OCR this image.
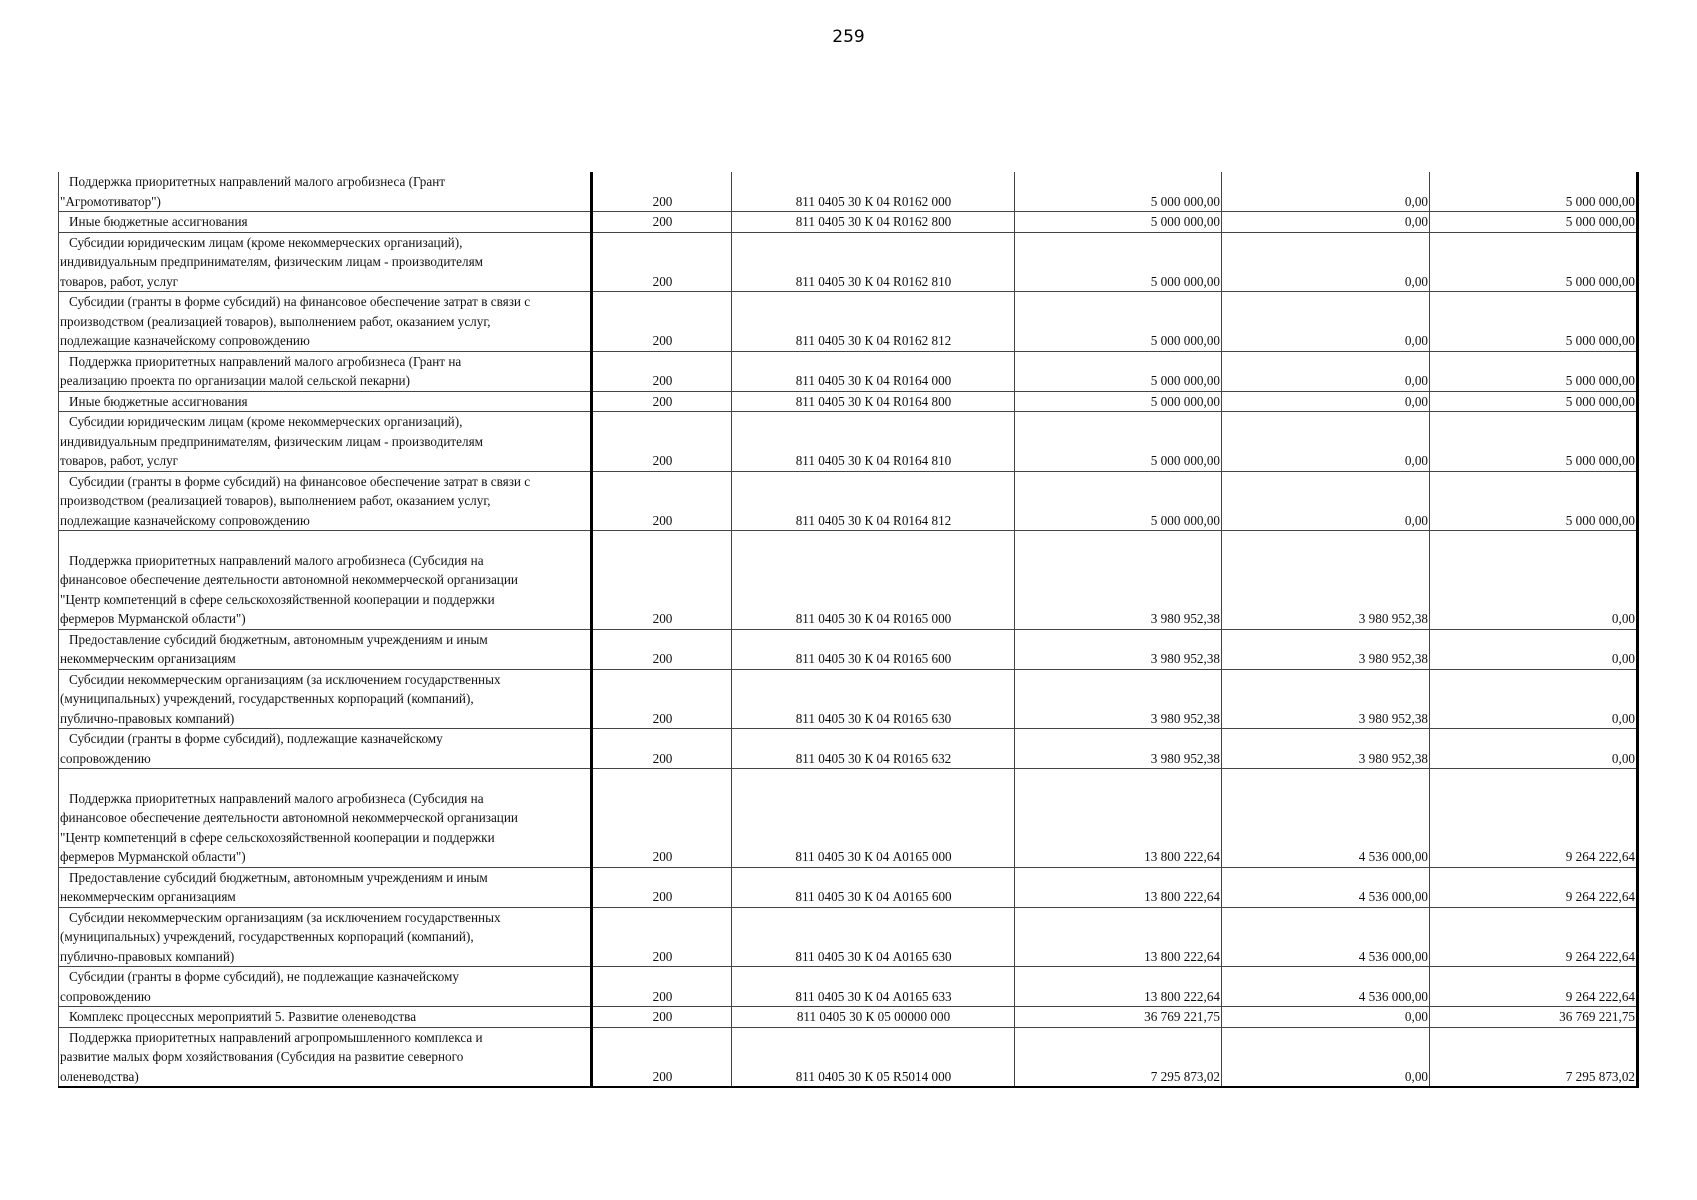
259
Поддержка приоритетных направлений малого агробизнеса (Грант
"Агромотиватор")	200	811 0405 30 К 04 R0162 000	5 000 000,00	0,00	5 000 000,00

Иные бюджетные ассигнования	200	811 0405 30 К 04 R0162 800	5 000 000,00	0,00	5 000 000,00

Субсидии юридическим лицам (кроме некоммерческих организаций),
индивидуальным предпринимателям, физическим лицам - производителям
товаров, работ, услуг	200	811 0405 30 К 04 R0162 810	5 000 000,00	0,00	5 000 000,00

Субсидии (гранты в форме субсидий) на финансовое обеспечение затрат в связи с
производством (реализацией товаров), выполнением работ, оказанием услуг,
подлежащие казначейскому сопровождению	200	811 0405 30 К 04 R0162 812	5 000 000,00	0,00	5 000 000,00

Поддержка приоритетных направлений малого агробизнеса (Грант на
реализацию проекта по организации малой сельской пекарни)	200	811 0405 30 К 04 R0164 000	5 000 000,00	0,00	5 000 000,00

Иные бюджетные ассигнования	200	811 0405 30 К 04 R0164 800	5 000 000,00	0,00	5 000 000,00

Субсидии юридическим лицам (кроме некоммерческих организаций),
индивидуальным предпринимателям, физическим лицам - производителям
товаров, работ, услуг	200	811 0405 30 К 04 R0164 810	5 000 000,00	0,00	5 000 000,00

Субсидии (гранты в форме субсидий) на финансовое обеспечение затрат в связи с
производством (реализацией товаров), выполнением работ, оказанием услуг,
подлежащие казначейскому сопровождению	200	811 0405 30 К 04 R0164 812	5 000 000,00	0,00	5 000 000,00

Поддержка приоритетных направлений малого агробизнеса (Субсидия на
финансовое обеспечение деятельности автономной некоммерческой организации
"Центр компетенций в сфере сельскохозяйственной кооперации и поддержки
фермеров Мурманской области")	200	811 0405 30 К 04 R0165 000	3 980 952,38	3 980 952,38	0,00

Предоставление субсидий бюджетным, автономным учреждениям и иным
некоммерческим организациям	200	811 0405 30 К 04 R0165 600	3 980 952,38	3 980 952,38	0,00

Субсидии некоммерческим организациям (за исключением государственных
(муниципальных) учреждений, государственных корпораций (компаний),
публично-правовых компаний)	200	811 0405 30 К 04 R0165 630	3 980 952,38	3 980 952,38	0,00

Субсидии (гранты в форме субсидий), подлежащие казначейскому
сопровождению	200	811 0405 30 К 04 R0165 632	3 980 952,38	3 980 952,38	0,00

Поддержка приоритетных направлений малого агробизнеса (Субсидия на
финансовое обеспечение деятельности автономной некоммерческой организации
"Центр компетенций в сфере сельскохозяйственной кооперации и поддержки
фермеров Мурманской области")	200	811 0405 30 К 04 А0165 000	13 800 222,64	4 536 000,00	9 264 222,64

Предоставление субсидий бюджетным, автономным учреждениям и иным
некоммерческим организациям	200	811 0405 30 К 04 А0165 600	13 800 222,64	4 536 000,00	9 264 222,64

Субсидии некоммерческим организациям (за исключением государственных
(муниципальных) учреждений, государственных корпораций (компаний),
публично-правовых компаний)	200	811 0405 30 К 04 А0165 630	13 800 222,64	4 536 000,00	9 264 222,64

Субсидии (гранты в форме субсидий), не подлежащие казначейскому
сопровождению	200	811 0405 30 К 04 А0165 633	13 800 222,64	4 536 000,00	9 264 222,64

Комплекс процессных мероприятий 5. Развитие оленеводства	200	811 0405 30 К 05 00000 000	36 769 221,75	0,00	36 769 221,75

Поддержка приоритетных направлений агропромышленного комплекса и
развитие малых форм хозяйствования (Субсидия на развитие северного
оленеводства)	200	811 0405 30 К 05 R5014 000	7 295 873,02	0,00	7 295 873,02
